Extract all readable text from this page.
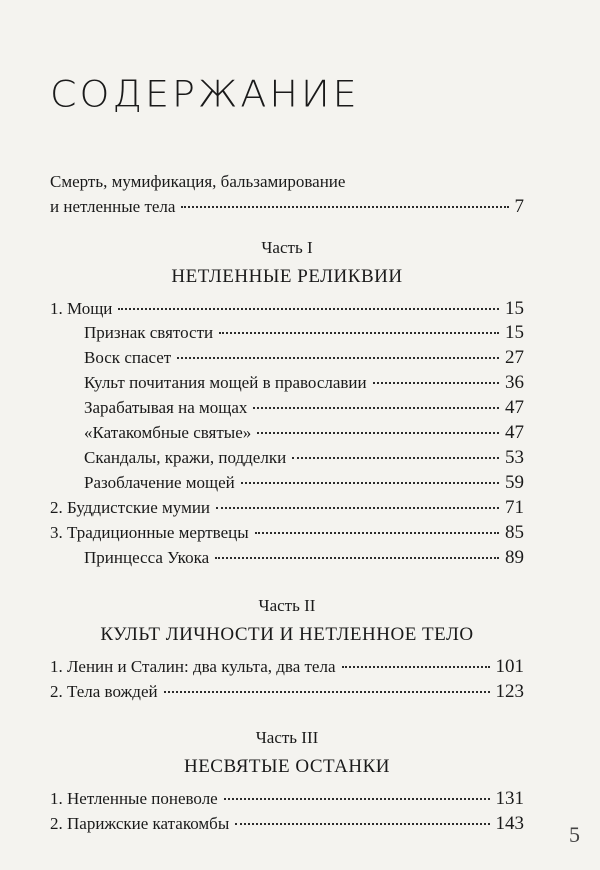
СОДЕРЖАНИЕ
Смерть, мумификация, бальзамирование
и нетленные тела	7
Часть I
НЕТЛЕННЫЕ РЕЛИКВИИ
1. Мощи	15
Признак святости	15
Воск спасет	27
Культ почитания мощей в православии	36
Зарабатывая на мощах	47
«Катакомбные святые»	47
Скандалы, кражи, подделки	53
Разоблачение мощей	59
2. Буддистские мумии	71
3. Традиционные мертвецы	85
Принцесса Укока	89
Часть II
КУЛЬТ ЛИЧНОСТИ И НЕТЛЕННОЕ ТЕЛО
1. Ленин и Сталин: два культа, два тела	101
2. Тела вождей	123
Часть III
НЕСВЯТЫЕ ОСТАНКИ
1. Нетленные поневоле	131
2. Парижские катакомбы	143 5
